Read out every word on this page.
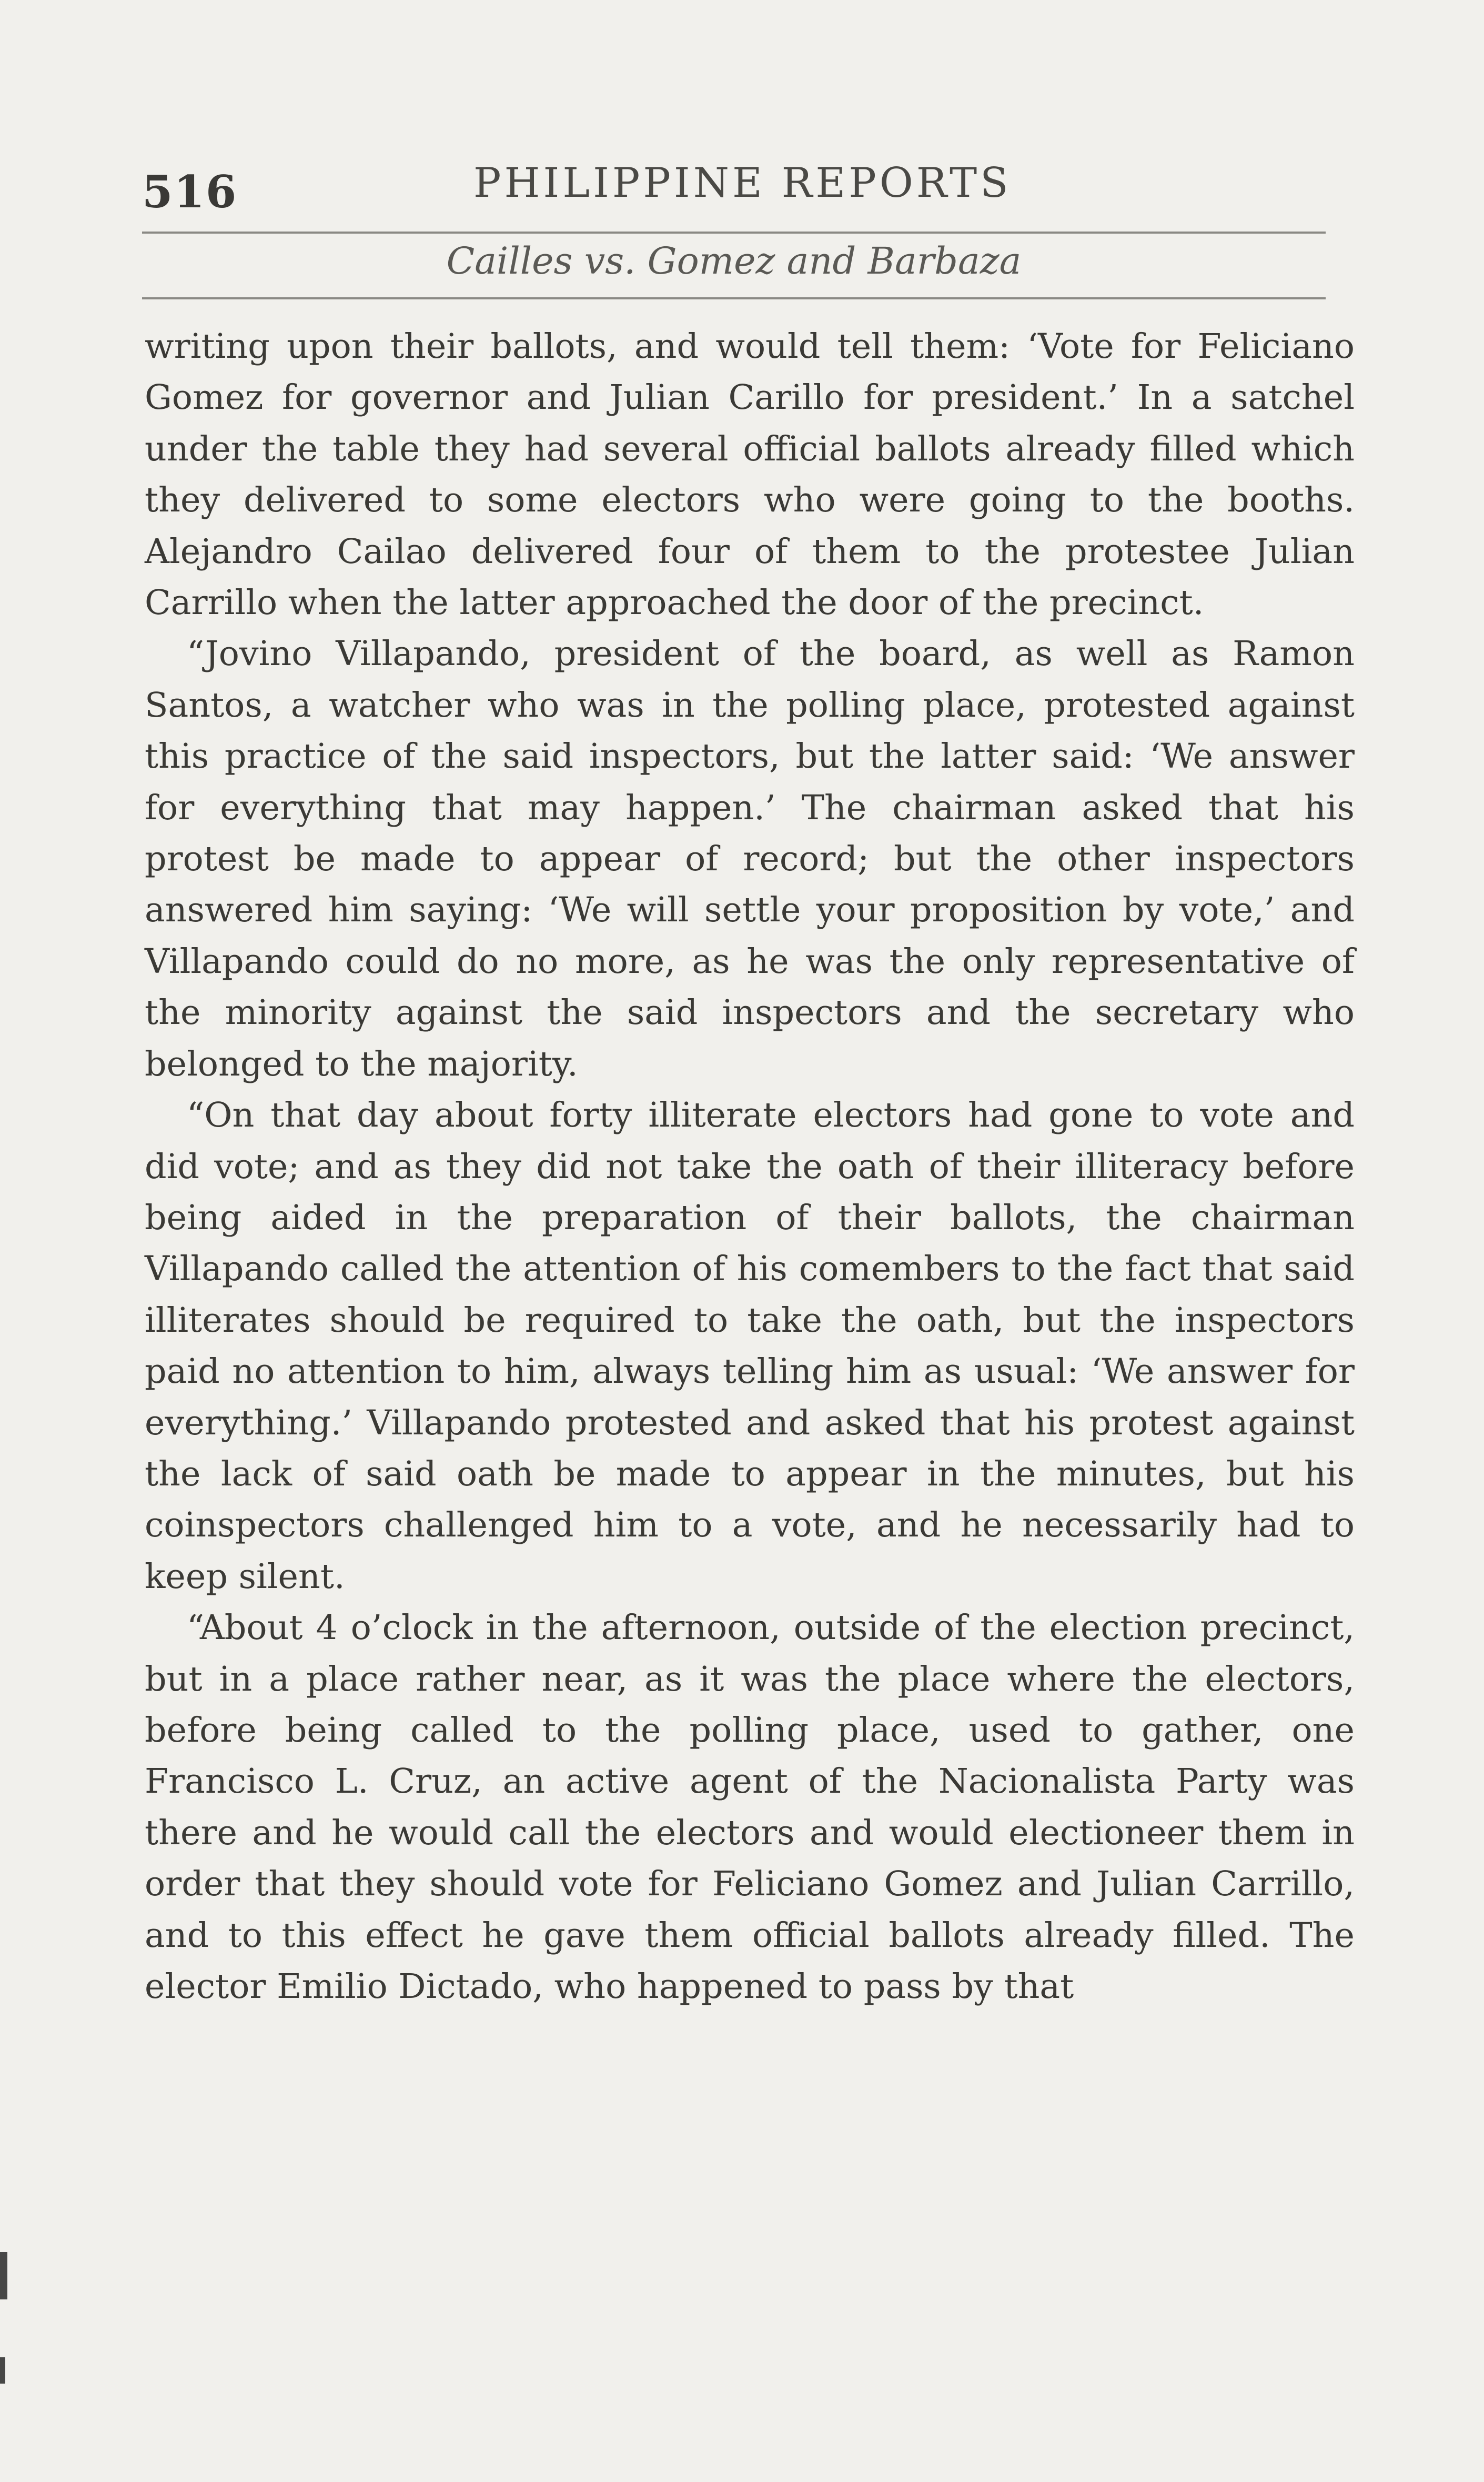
516	PHILIPPINE REPORTS
Cailles vs. Gomez and Barbaza

writing upon their ballots, and would tell them: ‘Vote for Feliciano Gomez for governor and Julian Carillo for president.’ In a satchel under the table they had several official ballots already filled which they delivered to some electors who were going to the booths. Alejandro Cailao delivered four of them to the protestee Julian Carrillo when the latter approached the door of the precinct.

“Jovino Villapando, president of the board, as well as Ramon Santos, a watcher who was in the polling place, protested against this practice of the said inspectors, but the latter said: ‘We answer for everything that may happen.’ The chairman asked that his protest be made to appear of record; but the other inspectors answered him saying: ‘We will settle your proposition by vote,’ and Villapando could do no more, as he was the only representative of the minority against the said inspectors and the secretary who belonged to the majority.

“On that day about forty illiterate electors had gone to vote and did vote; and as they did not take the oath of their illiteracy before being aided in the preparation of their ballots, the chairman Villapando called the attention of his comembers to the fact that said illiterates should be required to take the oath, but the inspectors paid no attention to him, always telling him as usual: ‘We answer for everything.’ Villapando protested and asked that his protest against the lack of said oath be made to appear in the minutes, but his coinspectors challenged him to a vote, and he necessarily had to keep silent.

“About 4 o’clock in the afternoon, outside of the election precinct, but in a place rather near, as it was the place where the electors, before being called to the polling place, used to gather, one Francisco L. Cruz, an active agent of the Nacionalista Party was there and he would call the electors and would electioneer them in order that they should vote for Feliciano Gomez and Julian Carrillo, and to this effect he gave them official ballots already filled. The elector Emilio Dictado, who happened to pass by that
